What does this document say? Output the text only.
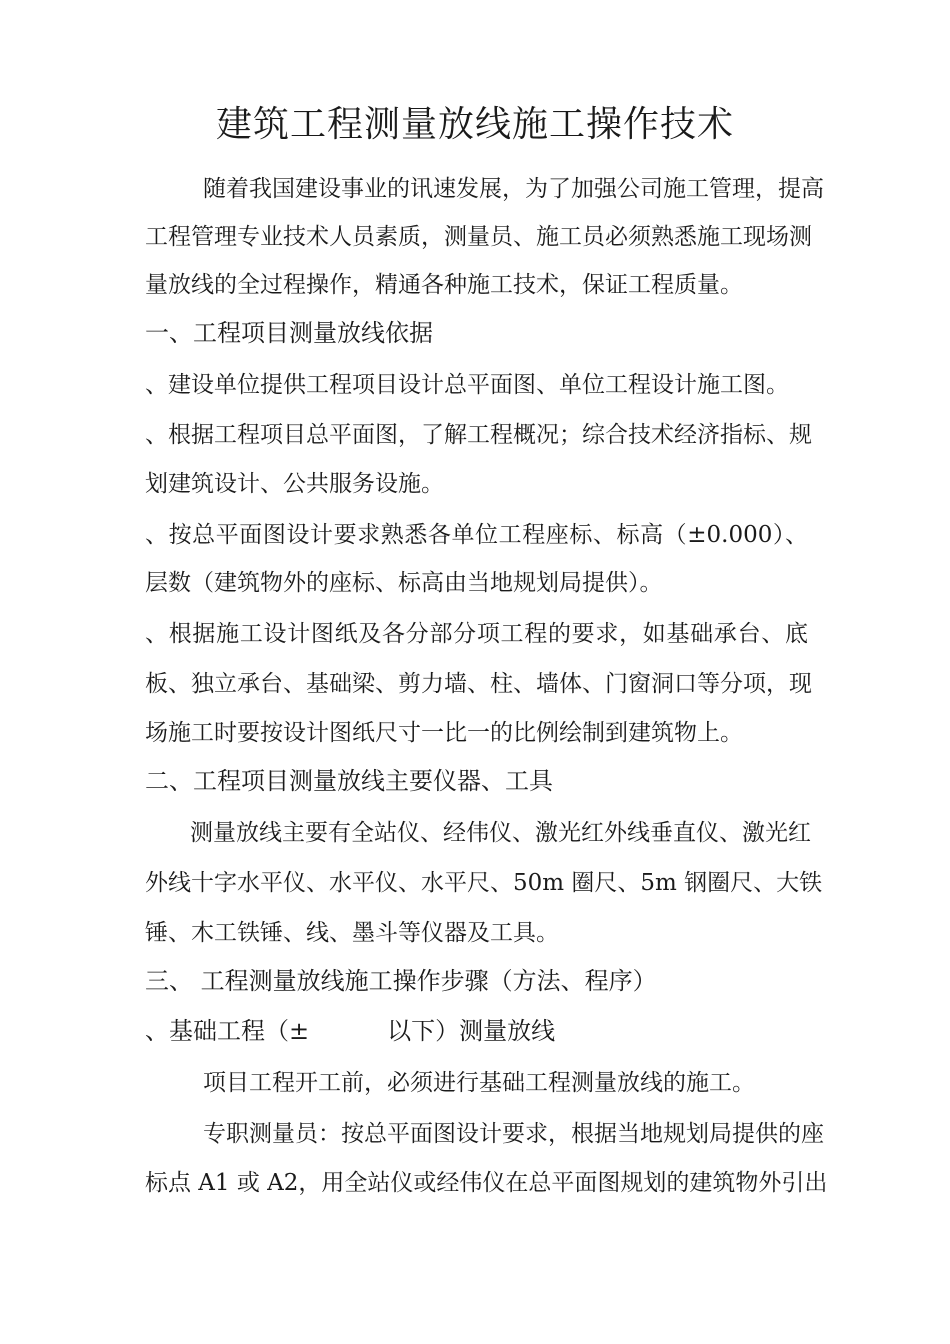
建筑工程测量放线施工操作技术
随着我国建设事业的讯速发展，为了加强公司施工管理，提高
工程管理专业技术人员素质，测量员、施工员必须熟悉施工现场测
量放线的全过程操作，精通各种施工技术，保证工程质量。
一、工程项目测量放线依据
、建设单位提供工程项目设计总平面图、单位工程设计施工图。
、根据工程项目总平面图，了解工程概况；综合技术经济指标、规
划建筑设计、公共服务设施。
、按总平面图设计要求熟悉各单位工程座标、标高（±0.000）、
层数（建筑物外的座标、标高由当地规划局提供）。
、根据施工设计图纸及各分部分项工程的要求，如基础承台、底
板、独立承台、基础梁、剪力墙、柱、墙体、门窗洞口等分项，现
场施工时要按设计图纸尺寸一比一的比例绘制到建筑物上。
二、工程项目测量放线主要仪器、工具
测量放线主要有全站仪、经伟仪、激光红外线垂直仪、激光红
外线十字水平仪、水平仪、水平尺、50m 圈尺、5m 钢圈尺、大铁
锤、木工铁锤、线、墨斗等仪器及工具。
三、 工程测量放线施工操作步骤（方法、程序）
、基础工程（±	以下）测量放线
项目工程开工前，必须进行基础工程测量放线的施工。
专职测量员：按总平面图设计要求，根据当地规划局提供的座
标点 A1 或 A2，用全站仪或经伟仪在总平面图规划的建筑物外引出
